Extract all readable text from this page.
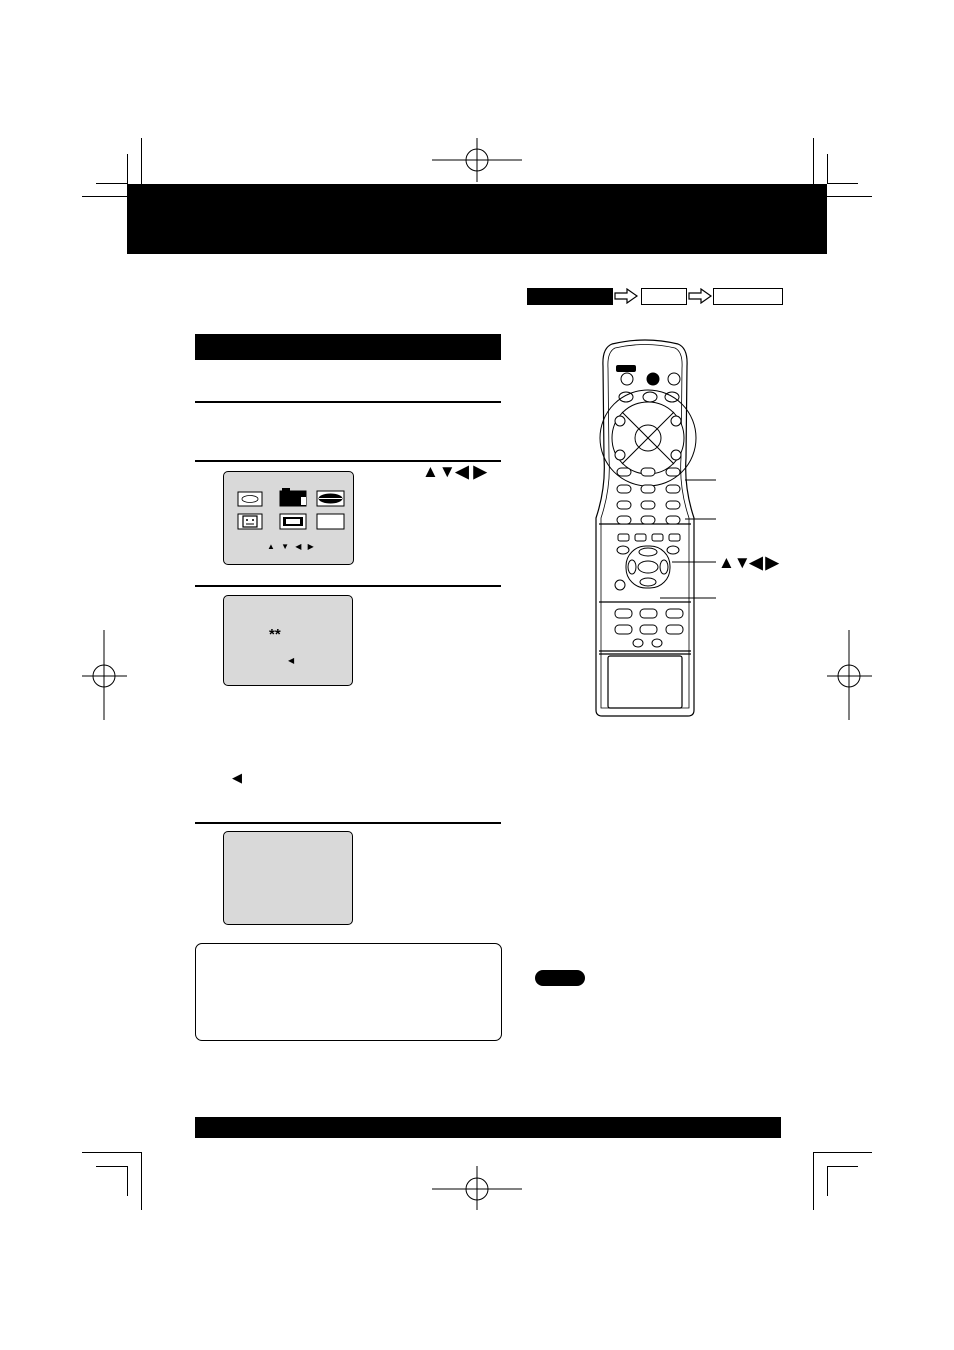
▲▼◀ ▶
▲ ▼ ◀ ▶
**
◀
◀
▲▼◀ ▶
